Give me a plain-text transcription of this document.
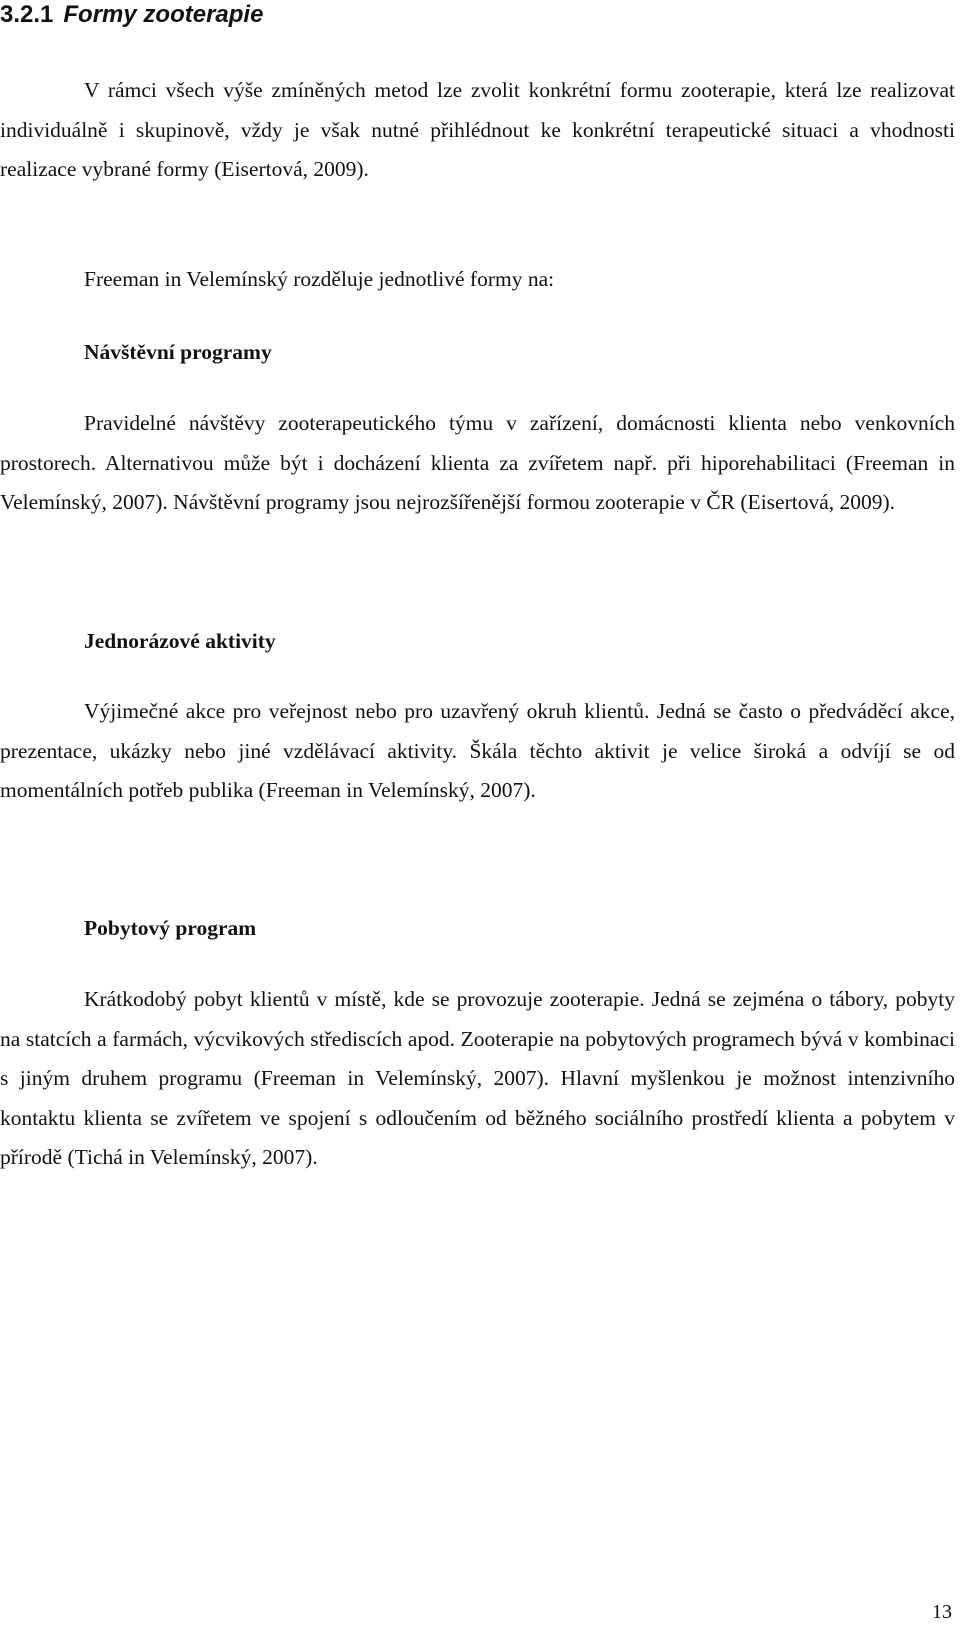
3.2.1 Formy zooterapie

V rámci všech výše zmíněných metod lze zvolit konkrétní formu zooterapie, která lze realizovat individuálně i skupinově, vždy je však nutné přihlédnout ke konkrétní terapeutické situaci a vhodnosti realizace vybrané formy (Eisertová, 2009).

Freeman in Velemínský rozděluje jednotlivé formy na:

Návštěvní programy

Pravidelné návštěvy zooterapeutického týmu v zařízení, domácnosti klienta nebo venkovních prostorech. Alternativou může být i docházení klienta za zvířetem např. při hiporehabilitaci (Freeman in Velemínský, 2007). Návštěvní programy jsou nejrozšířenější formou zooterapie v ČR (Eisertová, 2009).

Jednorázové aktivity

Výjimečné akce pro veřejnost nebo pro uzavřený okruh klientů. Jedná se často o předváděcí akce, prezentace, ukázky nebo jiné vzdělávací aktivity. Škála těchto aktivit je velice široká a odvíjí se od momentálních potřeb publika (Freeman in Velemínský, 2007).

Pobytový program

Krátkodobý pobyt klientů v místě, kde se provozuje zooterapie. Jedná se zejména o tábory, pobyty na statcích a farmách, výcvikových střediscích apod. Zooterapie na pobytových programech bývá v kombinaci s jiným druhem programu (Freeman in Velemínský, 2007). Hlavní myšlenkou je možnost intenzivního kontaktu klienta se zvířetem ve spojení s odloučením od běžného sociálního prostředí klienta a pobytem v přírodě (Tichá in Velemínský, 2007).

13
